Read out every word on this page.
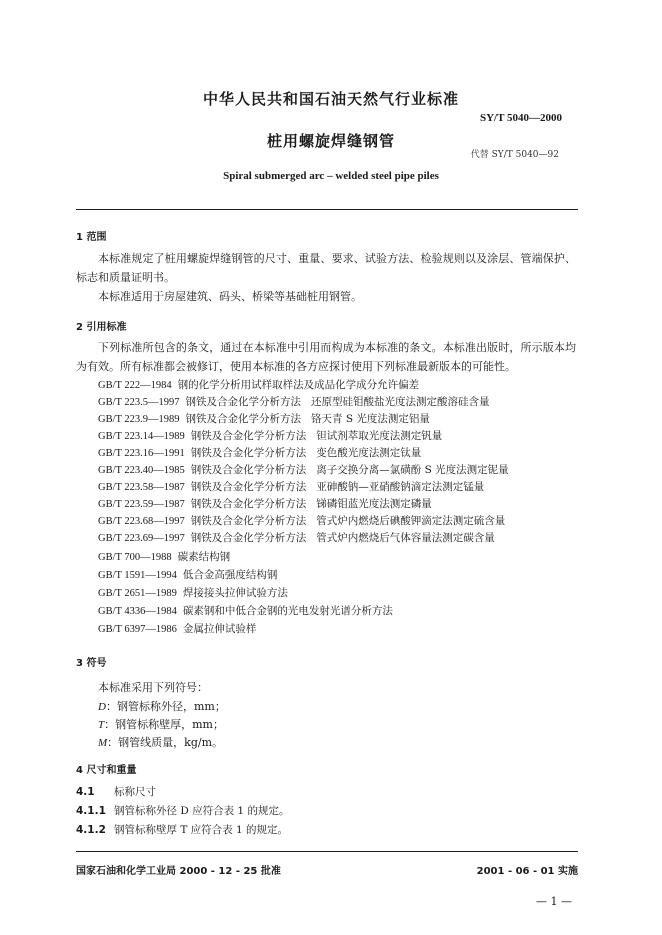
中华人民共和国石油天然气行业标准
SY/T 5040—2000
桩用螺旋焊缝钢管
代替 SY/T 5040—92
Spiral submerged arc – welded steel pipe piles
1 范围
本标准规定了桩用螺旋焊缝钢管的尺寸、重量、要求、试验方法、检验规则以及涂层、管端保护、标志和质量证明书。
本标准适用于房屋建筑、码头、桥梁等基础桩用钢管。
2 引用标准
下列标准所包含的条文，通过在本标准中引用而构成为本标准的条文。本标准出版时，所示版本均为有效。所有标准都会被修订，使用本标准的各方应探讨使用下列标准最新版本的可能性。
GB/T 222—1984 钢的化学分析用试样取样法及成品化学成分允许偏差
GB/T 223.5—1997 钢铁及合金化学分析方法 还原型硅钼酸盐光度法测定酸溶硅含量
GB/T 223.9—1989 钢铁及合金化学分析方法 铬天青 S 光度法测定铝量
GB/T 223.14—1989 钢铁及合金化学分析方法 钽试剂萃取光度法测定钒量
GB/T 223.16—1991 钢铁及合金化学分析方法 变色酸光度法测定钛量
GB/T 223.40—1985 钢铁及合金化学分析方法 离子交换分离—氯磺酚 S 光度法测定铌量
GB/T 223.58—1987 钢铁及合金化学分析方法 亚砷酸钠—亚硝酸钠滴定法测定锰量
GB/T 223.59—1987 钢铁及合金化学分析方法 锑磷钼蓝光度法测定磷量
GB/T 223.68—1997 钢铁及合金化学分析方法 管式炉内燃烧后碘酸钾滴定法测定硫含量
GB/T 223.69—1997 钢铁及合金化学分析方法 管式炉内燃烧后气体容量法测定碳含量
GB/T 700—1988 碳素结构钢
GB/T 1591—1994 低合金高强度结构钢
GB/T 2651—1989 焊接接头拉伸试验方法
GB/T 4336—1984 碳素钢和中低合金钢的光电发射光谱分析方法
GB/T 6397—1986 金属拉伸试验样
3 符号
本标准采用下列符号：
D：钢管标称外径，mm；
T：钢管标称壁厚，mm；
M：钢管线质量，kg/m。
4 尺寸和重量
4.1 标称尺寸
4.1.1 钢管标称外径 D 应符合表 1 的规定。
4.1.2 钢管标称壁厚 T 应符合表 1 的规定。
国家石油和化学工业局 2000 - 12 - 25 批准	2001 - 06 - 01 实施
— 1 —
